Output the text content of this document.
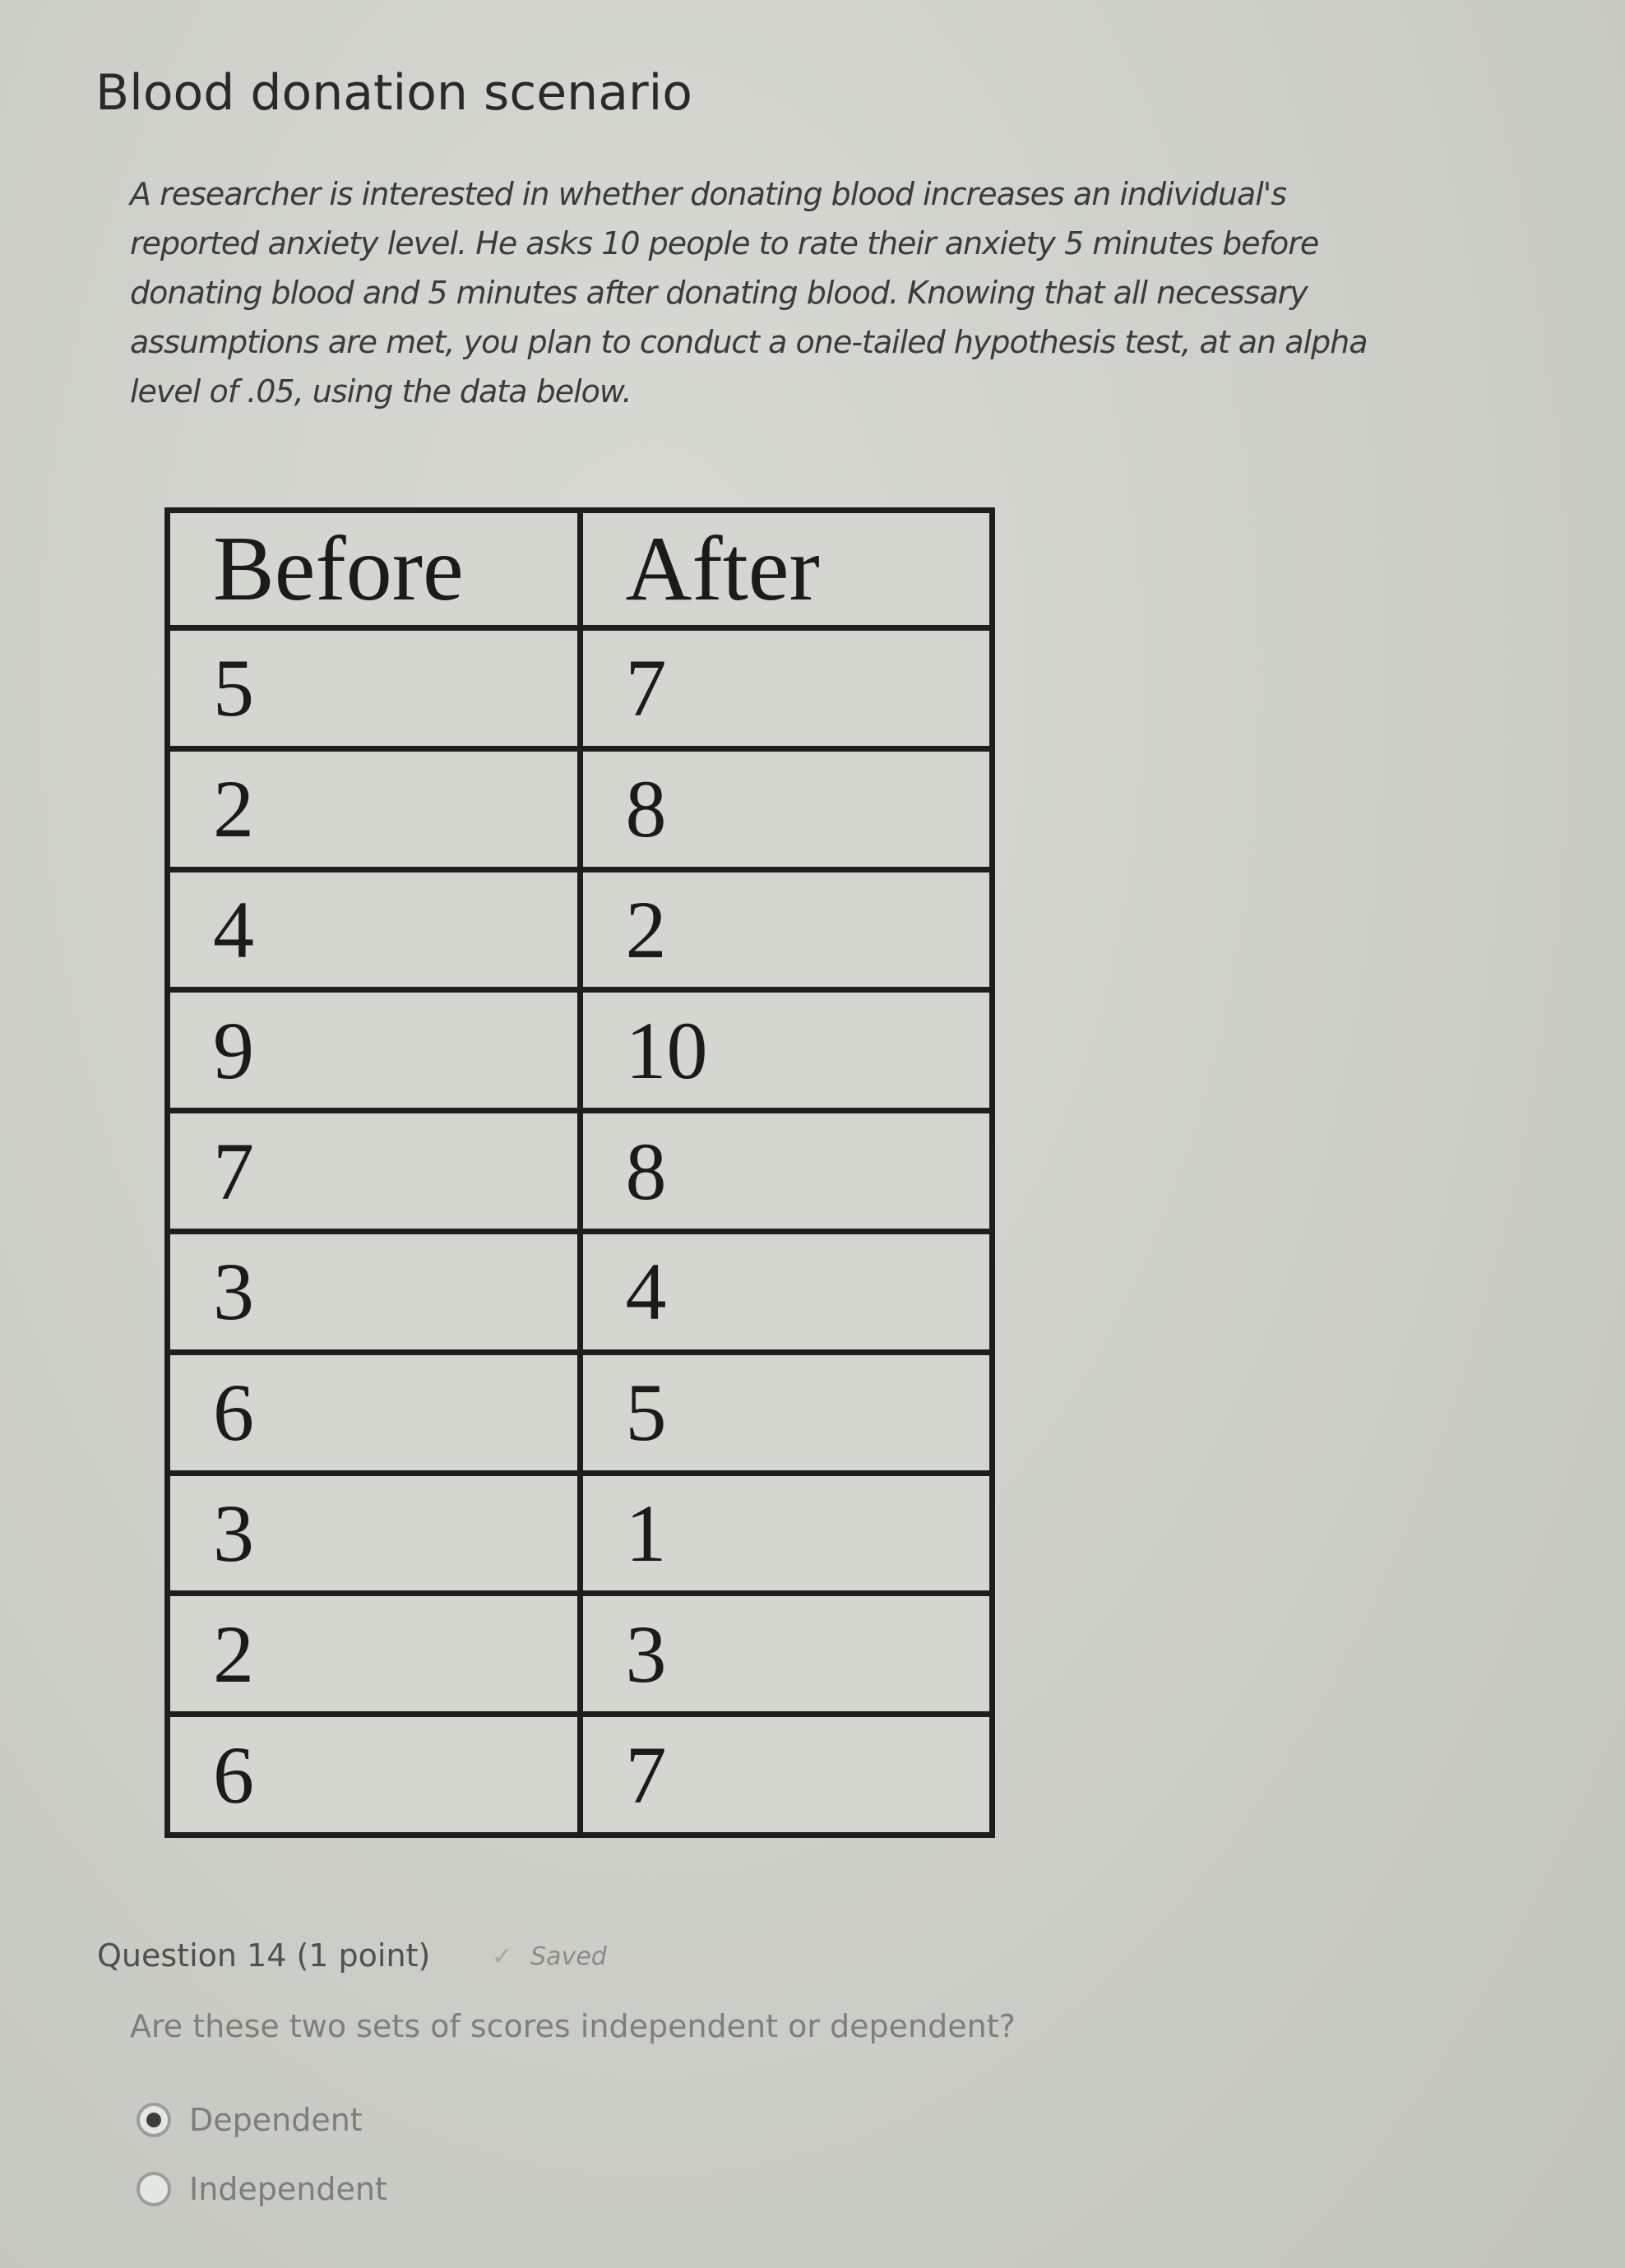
Blood donation scenario
A researcher is interested in whether donating blood increases an individual's reported anxiety level. He asks 10 people to rate their anxiety 5 minutes before donating blood and 5 minutes after donating blood. Knowing that all necessary assumptions are met, you plan to conduct a one-tailed hypothesis test, at an alpha level of .05, using the data below.
Before	After
5	7
2	8
4	2
9	10
7	8
3	4
6	5
3	1
2	3
6	7
Question 14 (1 point) ✓ Saved
Are these two sets of scores independent or dependent?
Dependent
Independent
